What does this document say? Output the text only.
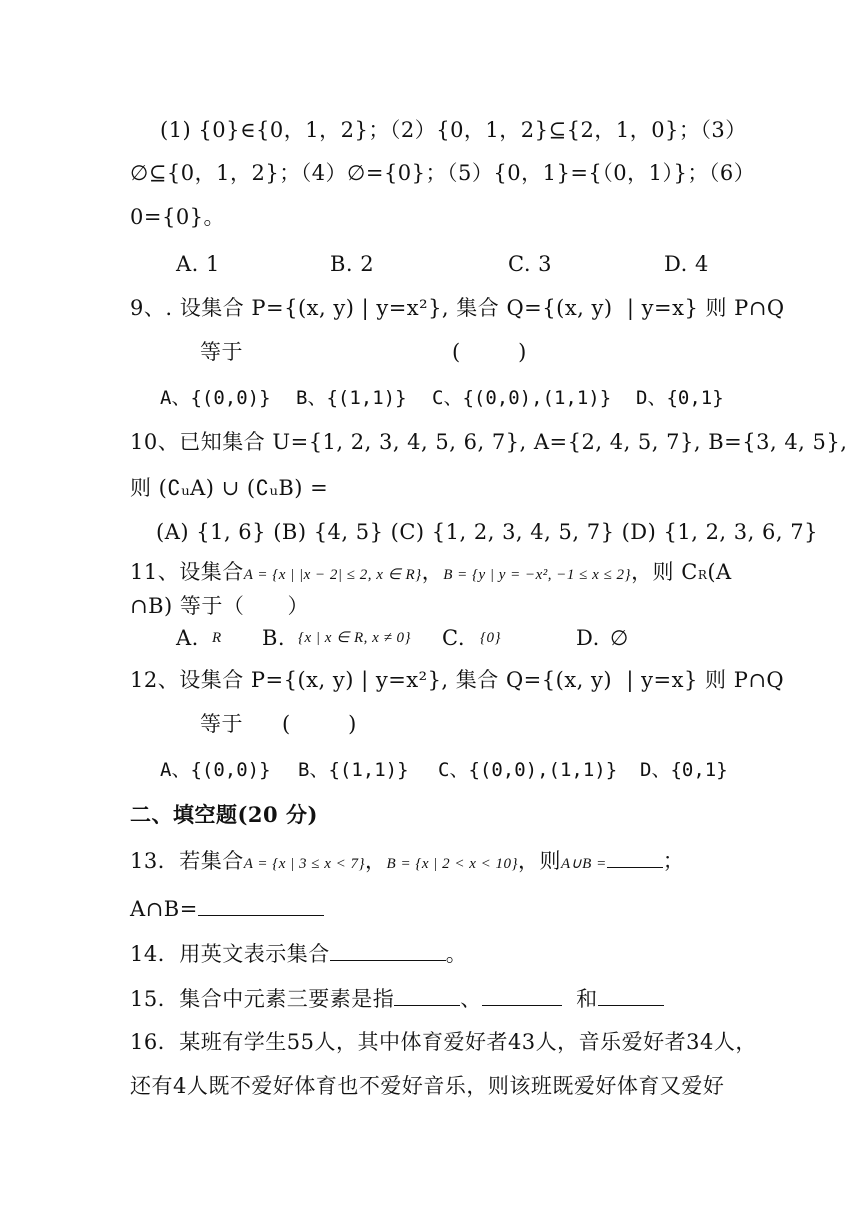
(1) {0}∈{0，1，2}；（2）{0，1，2}⊆{2，1，0}；（3）
∅⊆{0，1，2}；（4）∅={0}；（5）{0，1}={（0，1）}；（6）
0={0}。
A. 1	B. 2	C. 3	D. 4
9、. 设集合 P={(x, y) | y=x²}, 集合 Q={(x, y)  | y=x} 则 P∩Q
等于	(        )
A、{(0,0)} B、{(1,1)} C、{(0,0),(1,1)} D、{0,1}
10、已知集合 U={1, 2, 3, 4, 5, 6, 7}, A={2, 4, 5, 7}, B={3, 4, 5},
则 (∁ᵤA) ∪ (∁ᵤB) =
(A) {1, 6} (B) {4, 5} (C) {1, 2, 3, 4, 5, 7} (D) {1, 2, 3, 6, 7}
11、设集合A = {x | |x − 2| ≤ 2, x ∈ R}，B = {y | y = −x², −1 ≤ x ≤ 2}，则 CR(A
∩B) 等于（      ）
A. R B. {x | x ∈ R, x ≠ 0} C. {0}	D. ∅
12、设集合 P={(x, y) | y=x²}, 集合 Q={(x, y)  | y=x} 则 P∩Q
等于 (        )
A、{(0,0)} B、{(1,1)} C、{(0,0),(1,1)} D、{0,1}
二、填空题(20 分)
13．若集合A = {x | 3 ≤ x < 7}，B = {x | 2 < x < 10}，则A∪B =	；
A∩B=
14．用英文表示集合	。
15．集合中元素三要素是指	、	和
16．某班有学生55人，其中体育爱好者43人，音乐爱好者34人，
还有4人既不爱好体育也不爱好音乐，则该班既爱好体育又爱好
